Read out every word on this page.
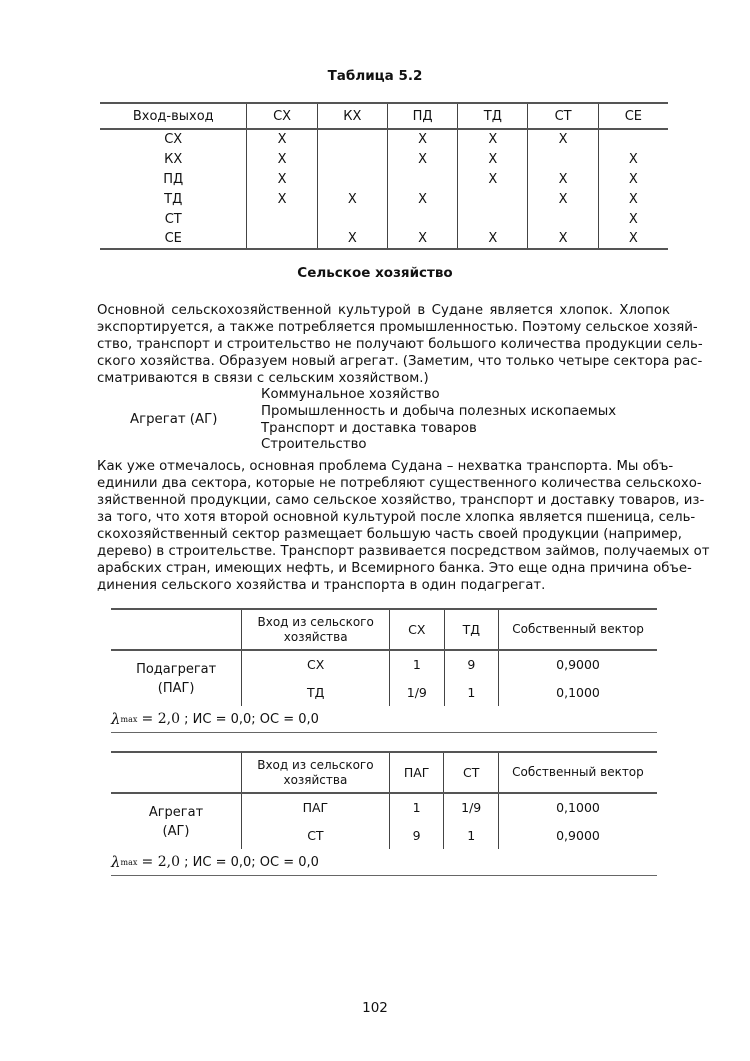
Таблица 5.2
Вход-выход	СХ	КХ	ПД	ТД	СТ	СЕ
СХ	X		X	X	X	
КХ	X		X	X		X
ПД	X			X	X	X
ТД	X	X	X		X	X
СТ						X
СЕ		X	X	X	X	X
Сельское хозяйство
Основной сельскохозяйственной культурой в Судане является хлопок. Хлопок
экспортируется, а также потребляется промышленностью. Поэтому сельское хозяй-
ство, транспорт и строительство не получают большого количества продукции сель-
ского хозяйства. Образуем новый агрегат. (Заметим, что только четыре сектора рас-
сматриваются в связи с сельским хозяйством.)
Агрегат (АГ)
Коммунальное хозяйство
Промышленность и добыча полезных ископаемых
Транспорт и доставка товаров
Строительство
Как уже отмечалось, основная проблема Судана – нехватка транспорта. Мы объ-
единили два сектора, которые не потребляют существенного количества сельскохо-
зяйственной продукции, само сельское хозяйство, транспорт и доставку товаров, из-
за того, что хотя второй основной культурой после хлопка является пшеница, сель-
скохозяйственный сектор размещает большую часть своей продукции (например,
дерево) в строительстве. Транспорт развивается посредством займов, получаемых от
арабских стран, имеющих нефть, и Всемирного банка. Это еще одна причина объе-
динения сельского хозяйства и транспорта в один подагрегат.

	Вход из сельского
хозяйства	СХ	ТД	Собственный вектор

Подагрегат
(ПАГ)	СХ	1	9	0,9000
	ТД	1/9	1	0,1000
λ max
= 2,0
; ИС = 0,0; ОС = 0,0

	Вход из сельского
хозяйства	ПАГ	СТ	Собственный вектор

Агрегат
(АГ)	ПАГ	1	1/9	0,1000
	СТ	9	1	0,9000
λ max
= 2,0
; ИС = 0,0; ОС = 0,0
102
